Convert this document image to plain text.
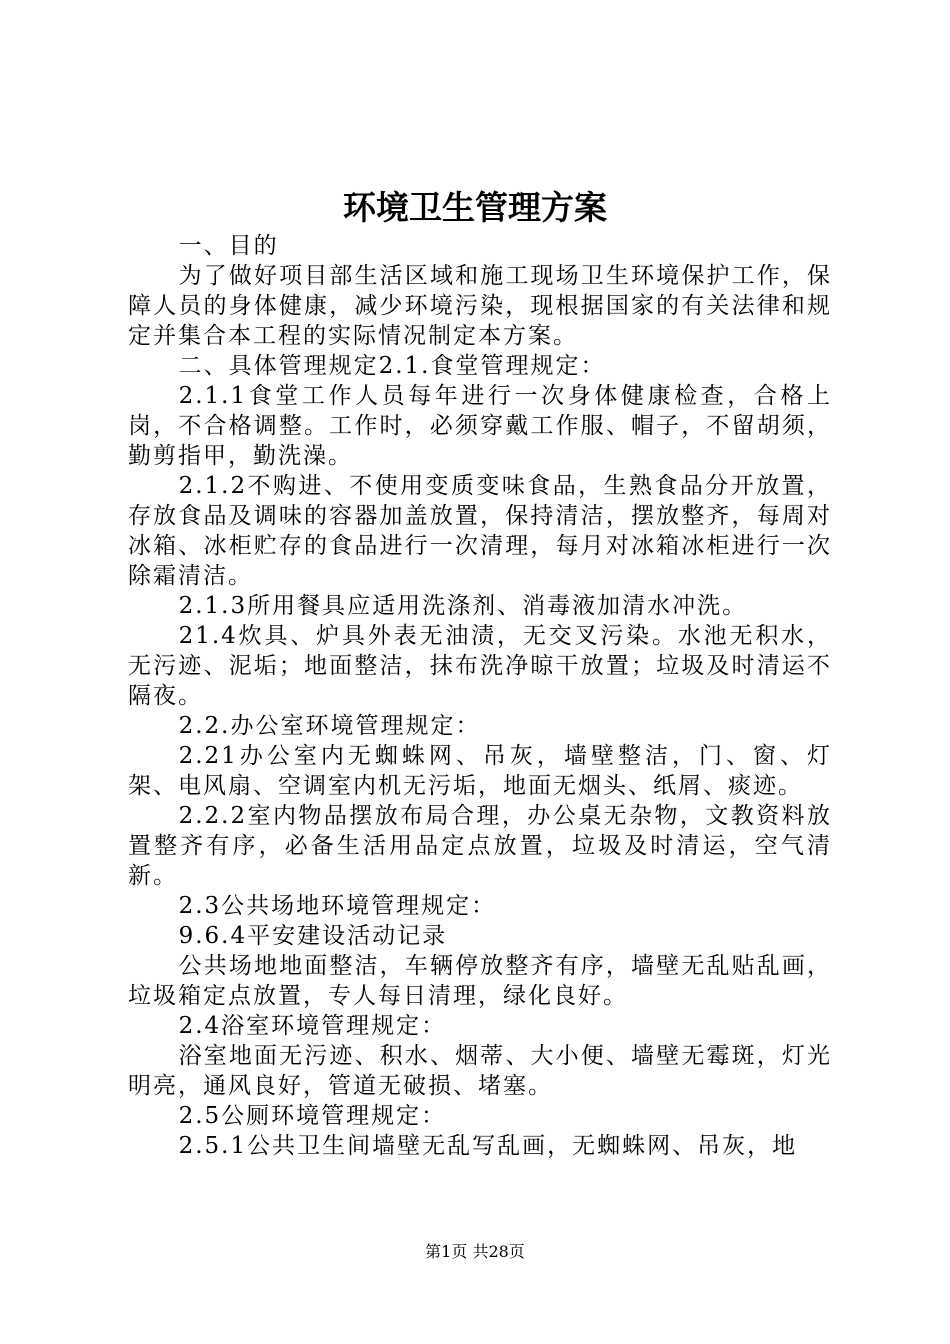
环境卫生管理方案

一、目的

为了做好项目部生活区域和施工现场卫生环境保护工作，保障人员的身体健康，减少环境污染，现根据国家的有关法律和规定并集合本工程的实际情况制定本方案。

二、具体管理规定2.1.食堂管理规定：

2.1.1食堂工作人员每年进行一次身体健康检查，合格上岗，不合格调整。工作时，必须穿戴工作服、帽子，不留胡须，勤剪指甲，勤洗澡。

2.1.2不购进、不使用变质变味食品，生熟食品分开放置，存放食品及调味的容器加盖放置，保持清洁，摆放整齐，每周对冰箱、冰柜贮存的食品进行一次清理，每月对冰箱冰柜进行一次除霜清洁。

2.1.3所用餐具应适用洗涤剂、消毒液加清水冲洗。

21.4炊具、炉具外表无油渍，无交叉污染。水池无积水，无污迹、泥垢；地面整洁，抹布洗净晾干放置；垃圾及时清运不隔夜。

2.2.办公室环境管理规定：

2.21办公室内无蜘蛛网、吊灰，墙壁整洁，门、窗、灯架、电风扇、空调室内机无污垢，地面无烟头、纸屑、痰迹。

2.2.2室内物品摆放布局合理，办公桌无杂物，文教资料放置整齐有序，必备生活用品定点放置，垃圾及时清运，空气清新。

2.3公共场地环境管理规定：

9.6.4平安建设活动记录

公共场地地面整洁，车辆停放整齐有序，墙壁无乱贴乱画，垃圾箱定点放置，专人每日清理，绿化良好。

2.4浴室环境管理规定：

浴室地面无污迹、积水、烟蒂、大小便、墙壁无霉斑，灯光明亮，通风良好，管道无破损、堵塞。

2.5公厕环境管理规定：

2.5.1公共卫生间墙壁无乱写乱画，无蜘蛛网、吊灰，地

第1页 共28页
